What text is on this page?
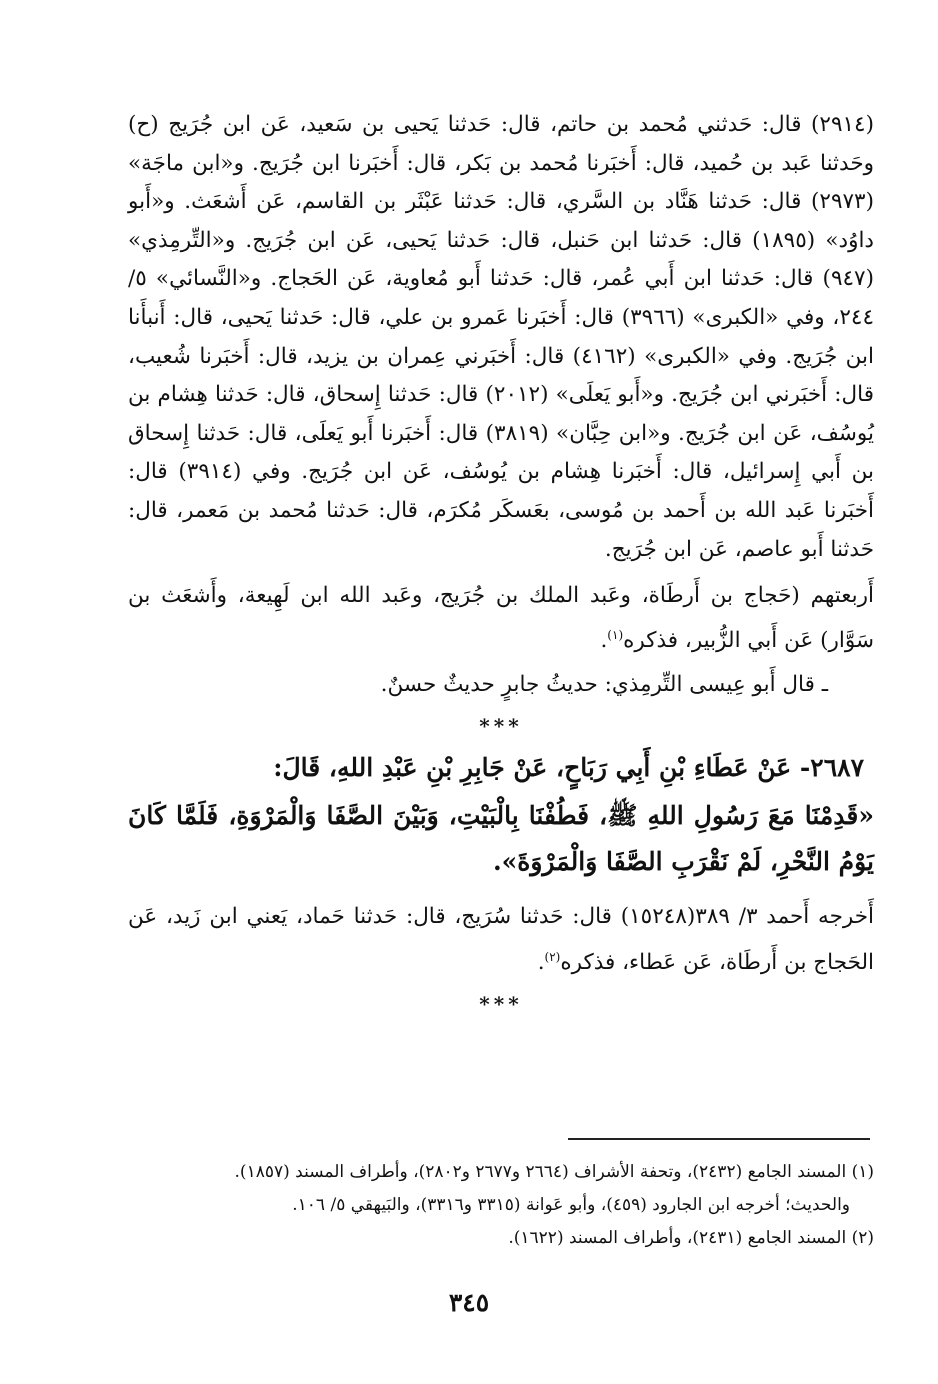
(٢٩١٤) قال: حَدثني مُحمد بن حاتم، قال: حَدثنا يَحيى بن سَعيد، عَن ابن جُرَيج (ح) وحَدثنا عَبد بن حُميد، قال: أَخبَرنا مُحمد بن بَكر، قال: أَخبَرنا ابن جُرَيج. و«ابن ماجَة» (٢٩٧٣) قال: حَدثنا هَنَّاد بن السَّري، قال: حَدثنا عَبْثَر بن القاسم، عَن أَشعَث. و«أَبو داوُد» (١٨٩٥) قال: حَدثنا ابن حَنبل، قال: حَدثنا يَحيى، عَن ابن جُرَيج. و«التِّرمِذي» (٩٤٧) قال: حَدثنا ابن أَبي عُمر، قال: حَدثنا أَبو مُعاوية، عَن الحَجاج. و«النَّسائي» ٥/ ٢٤٤، وفي «الكبرى» (٣٩٦٦) قال: أَخبَرنا عَمرو بن علي، قال: حَدثنا يَحيى، قال: أَنبأَنا ابن جُرَيج. وفي «الكبرى» (٤١٦٢) قال: أَخبَرني عِمران بن يزيد، قال: أَخبَرنا شُعيب، قال: أَخبَرني ابن جُرَيج. و«أَبو يَعلَى» (٢٠١٢) قال: حَدثنا إِسحاق، قال: حَدثنا هِشام بن يُوسُف، عَن ابن جُرَيج. و«ابن حِبَّان» (٣٨١٩) قال: أَخبَرنا أَبو يَعلَى، قال: حَدثنا إِسحاق بن أَبي إِسرائيل، قال: أَخبَرنا هِشام بن يُوسُف، عَن ابن جُرَيج. وفي (٣٩١٤) قال: أَخبَرنا عَبد الله بن أَحمد بن مُوسى، بعَسكَر مُكرَم، قال: حَدثنا مُحمد بن مَعمر، قال: حَدثنا أَبو عاصم، عَن ابن جُرَيج.

أَربعتهم (حَجاج بن أَرطَاة، وعَبد الملك بن جُرَيج، وعَبد الله ابن لَهِيعة، وأَشعَث بن سَوَّار) عَن أَبي الزُّبير، فذكره$^{(١)}$.

ـ قال أَبو عِيسى التِّرمِذي: حديثُ جابرٍ حديثٌ حسنٌ.

***

٢٦٨٧- عَنْ عَطَاءِ بْنِ أَبِي رَبَاحٍ، عَنْ جَابِرِ بْنِ عَبْدِ اللهِ، قَالَ:

«قَدِمْنَا مَعَ رَسُولِ اللهِ ﷺ، فَطُفْنَا بِالْبَيْتِ، وَبَيْنَ الصَّفَا وَالْمَرْوَةِ، فَلَمَّا كَانَ يَوْمُ النَّحْرِ، لَمْ نَقْرَبِ الصَّفَا وَالْمَرْوَةَ».

أَخرجه أَحمد ٣/ ٣٨٩(١٥٢٤٨) قال: حَدثنا سُرَيج، قال: حَدثنا حَماد، يَعني ابن زَيد، عَن الحَجاج بن أَرطَاة، عَن عَطاء، فذكره$^{(٢)}$.

***

(١) المسند الجامع (٢٤٣٢)، وتحفة الأشراف (٢٦٦٤ و٢٦٧٧ و٢٨٠٢)، وأطراف المسند (١٨٥٧).

والحديث؛ أخرجه ابن الجارود (٤٥٩)، وأبو عَوانة (٣٣١٥ و٣٣١٦)، والبَيهقي ٥/ ١٠٦.

(٢) المسند الجامع (٢٤٣١)، وأطراف المسند (١٦٢٢).

٣٤٥
